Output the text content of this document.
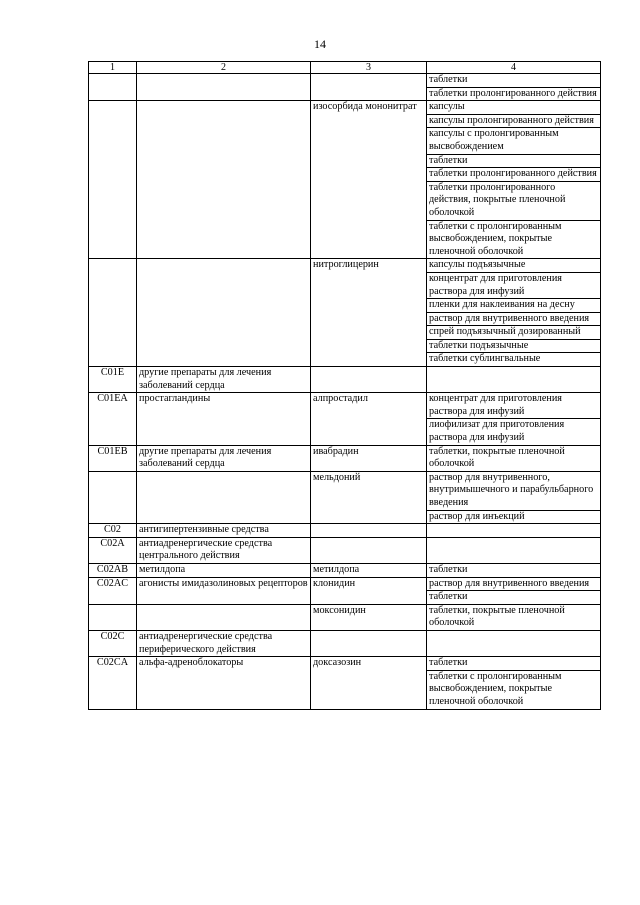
14
1	2	3	4
			таблетки
			таблетки пролонгированного действия
		изосорбида мононитрат	капсулы
			капсулы пролонгированного действия
			капсулы с пролонгированным высвобождением
			таблетки
			таблетки пролонгированного действия
			таблетки пролонгированного действия, покрытые пленочной оболочкой
			таблетки с пролонгированным высвобождением, покрытые пленочной оболочкой
		нитроглицерин	капсулы подъязычные
			концентрат для приготовления раствора для инфузий
			пленки для наклеивания на десну
			раствор для внутривенного введения
			спрей подъязычный дозированный
			таблетки подъязычные
			таблетки сублингвальные
C01E	другие препараты для лечения заболеваний сердца		
C01EA	простагландины	алпростадил	концентрат для приготовления раствора для инфузий
			лиофилизат для приготовления раствора для инфузий
C01EB	другие препараты для лечения заболеваний сердца	ивабрадин	таблетки, покрытые пленочной оболочкой
		мельдоний	раствор для внутривенного, внутримышечного и парабульбарного введения
			раствор для инъекций
C02	антигипертензивные средства		
C02A	антиадренергические средства центрального действия		
C02AB	метилдопа	метилдопа	таблетки
C02AC	агонисты имидазолиновых рецепторов	клонидин	раствор для внутривенного введения
			таблетки
		моксонидин	таблетки, покрытые пленочной оболочкой
C02C	антиадренергические средства периферического действия		
C02CA	альфа-адреноблокаторы	доксазозин	таблетки
			таблетки с пролонгированным высвобождением, покрытые пленочной оболочкой
